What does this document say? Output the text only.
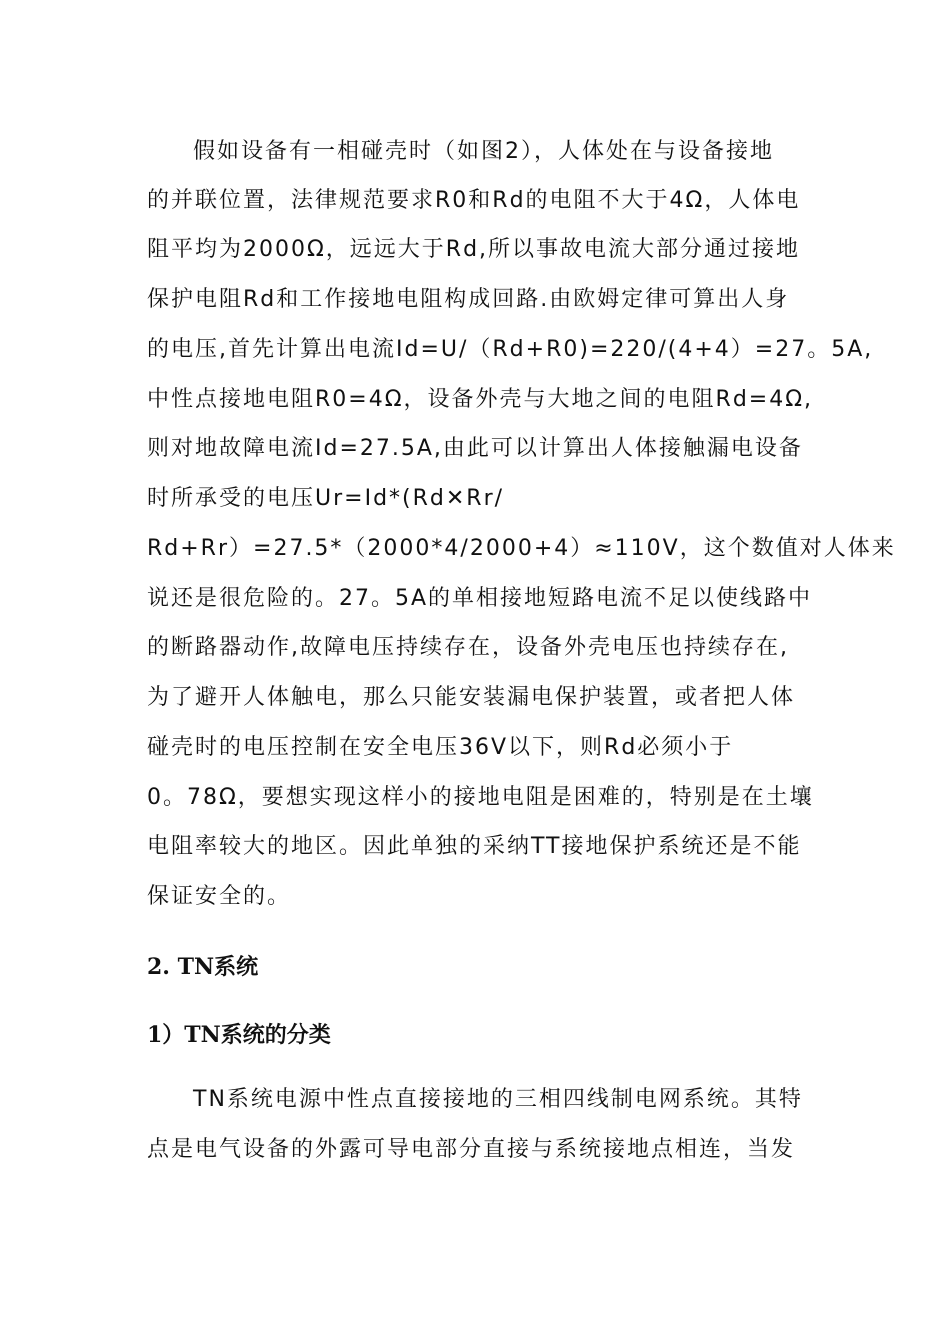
假如设备有一相碰壳时（如图2），人体处在与设备接地
的并联位置，法律规范要求R0和Rd的电阻不大于4Ω，人体电
阻平均为2000Ω，远远大于Rd,所以事故电流大部分通过接地
保护电阻Rd和工作接地电阻构成回路.由欧姆定律可算出人身
的电压,首先计算出电流Id=U/（Rd+R0)=220/(4+4）=27。5A,
中性点接地电阻R0=4Ω，设备外壳与大地之间的电阻Rd=4Ω,
则对地故障电流Id=27.5A,由此可以计算出人体接触漏电设备
时所承受的电压Ur=Id*(Rd✕Rr/
Rd+Rr）=27.5*（2000*4/2000+4）≈110V，这个数值对人体来
说还是很危险的。27。5A的单相接地短路电流不足以使线路中
的断路器动作,故障电压持续存在，设备外壳电压也持续存在,
为了避开人体触电，那么只能安装漏电保护装置，或者把人体
碰壳时的电压控制在安全电压36V以下，则Rd必须小于
0。78Ω，要想实现这样小的接地电阻是困难的，特别是在土壤
电阻率较大的地区。因此单独的采纳TT接地保护系统还是不能
保证安全的。
2. TN系统
1）TN系统的分类
TN系统电源中性点直接接地的三相四线制电网系统。其特
点是电气设备的外露可导电部分直接与系统接地点相连，当发
